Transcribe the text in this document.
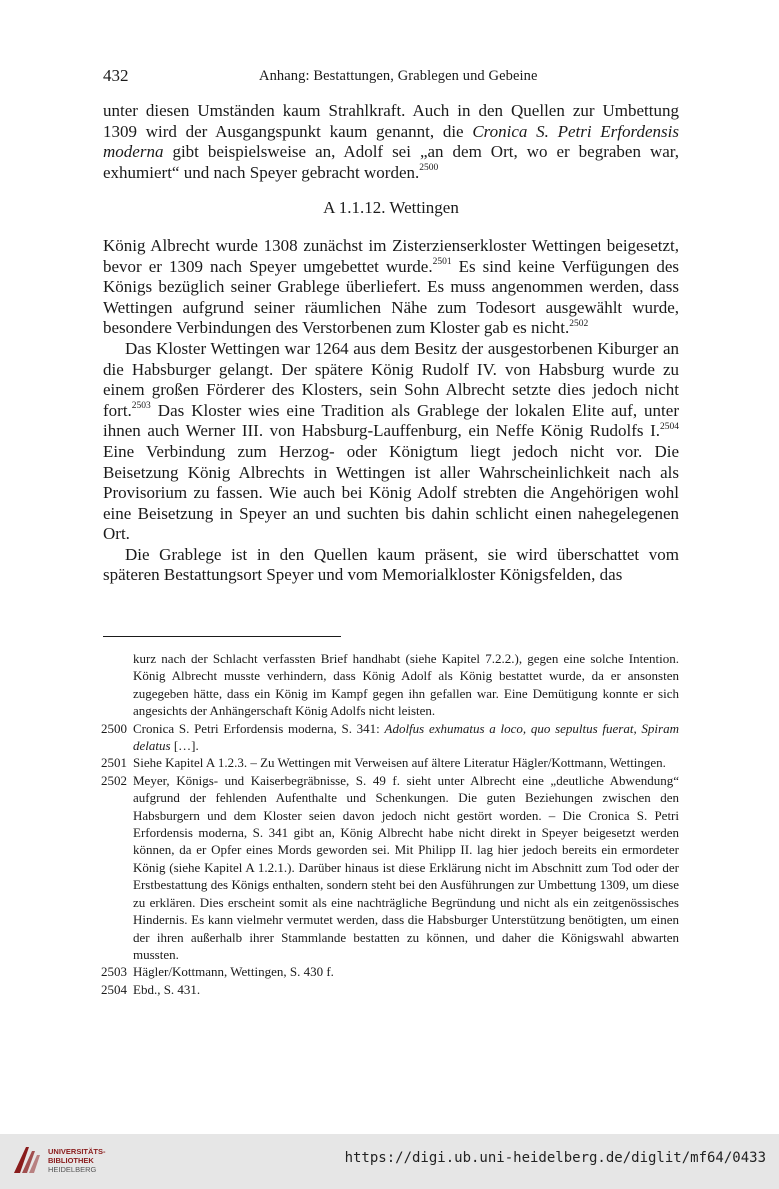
432	Anhang: Bestattungen, Grablegen und Gebeine

unter diesen Umständen kaum Strahlkraft. Auch in den Quellen zur Umbettung 1309 wird der Ausgangspunkt kaum genannt, die Cronica S. Petri Erfordensis moderna gibt beispielsweise an, Adolf sei „an dem Ort, wo er begraben war, exhumiert“ und nach Speyer gebracht worden.$^{2500}$

A 1.1.12. Wettingen

König Albrecht wurde 1308 zunächst im Zisterzienserkloster Wettingen beigesetzt, bevor er 1309 nach Speyer umgebettet wurde.$^{2501}$ Es sind keine Verfügungen des Königs bezüglich seiner Grablege überliefert. Es muss angenommen werden, dass Wettingen aufgrund seiner räumlichen Nähe zum Todesort ausgewählt wurde, besondere Verbindungen des Verstorbenen zum Kloster gab es nicht.$^{2502}$

Das Kloster Wettingen war 1264 aus dem Besitz der ausgestorbenen Kiburger an die Habsburger gelangt. Der spätere König Rudolf IV. von Habsburg wurde zu einem großen Förderer des Klosters, sein Sohn Albrecht setzte dies jedoch nicht fort.$^{2503}$ Das Kloster wies eine Tradition als Grablege der lokalen Elite auf, unter ihnen auch Werner III. von Habsburg-Lauffenburg, ein Neffe König Rudolfs I.$^{2504}$ Eine Verbindung zum Herzog- oder Königtum liegt jedoch nicht vor. Die Beisetzung König Albrechts in Wettingen ist aller Wahrscheinlichkeit nach als Provisorium zu fassen. Wie auch bei König Adolf strebten die Angehörigen wohl eine Beisetzung in Speyer an und suchten bis dahin schlicht einen nahegelegenen Ort.

Die Grablege ist in den Quellen kaum präsent, sie wird überschattet vom späteren Bestattungsort Speyer und vom Memorialkloster Königsfelden, das

kurz nach der Schlacht verfassten Brief handhabt (siehe Kapitel 7.2.2.), gegen eine solche Intention. König Albrecht musste verhindern, dass König Adolf als König bestattet wurde, da er ansonsten zugegeben hätte, dass ein König im Kampf gegen ihn gefallen war. Eine Demütigung konnte er sich angesichts der Anhängerschaft König Adolfs nicht leisten.
2500 Cronica S. Petri Erfordensis moderna, S. 341: Adolfus exhumatus a loco, quo sepultus fuerat, Spiram delatus […].
2501 Siehe Kapitel A 1.2.3. – Zu Wettingen mit Verweisen auf ältere Literatur Hägler/Kottmann, Wettingen.
2502 Meyer, Königs- und Kaiserbegräbnisse, S. 49 f. sieht unter Albrecht eine „deutliche Abwendung“ aufgrund der fehlenden Aufenthalte und Schenkungen. Die guten Beziehungen zwischen den Habsburgern und dem Kloster seien davon jedoch nicht gestört worden. – Die Cronica S. Petri Erfordensis moderna, S. 341 gibt an, König Albrecht habe nicht direkt in Speyer beigesetzt werden können, da er Opfer eines Mords geworden sei. Mit Philipp II. lag hier jedoch bereits ein ermordeter König (siehe Kapitel A 1.2.1.). Darüber hinaus ist diese Erklärung nicht im Abschnitt zum Tod oder der Erstbestattung des Königs enthalten, sondern steht bei den Ausführungen zur Umbettung 1309, um diese zu erklären. Dies erscheint somit als eine nachträgliche Begründung und nicht als ein zeitgenössisches Hindernis. Es kann vielmehr vermutet werden, dass die Habsburger Unterstützung benötigten, um einen der ihren außerhalb ihrer Stammlande bestatten zu können, und daher die Königswahl abwarten mussten.
2503 Hägler/Kottmann, Wettingen, S. 430 f.
2504 Ebd., S. 431.
UNIVERSITÄTS-
BIBLIOTHEK
HEIDELBERG
https://digi.ub.uni-heidelberg.de/diglit/mf64/0433
